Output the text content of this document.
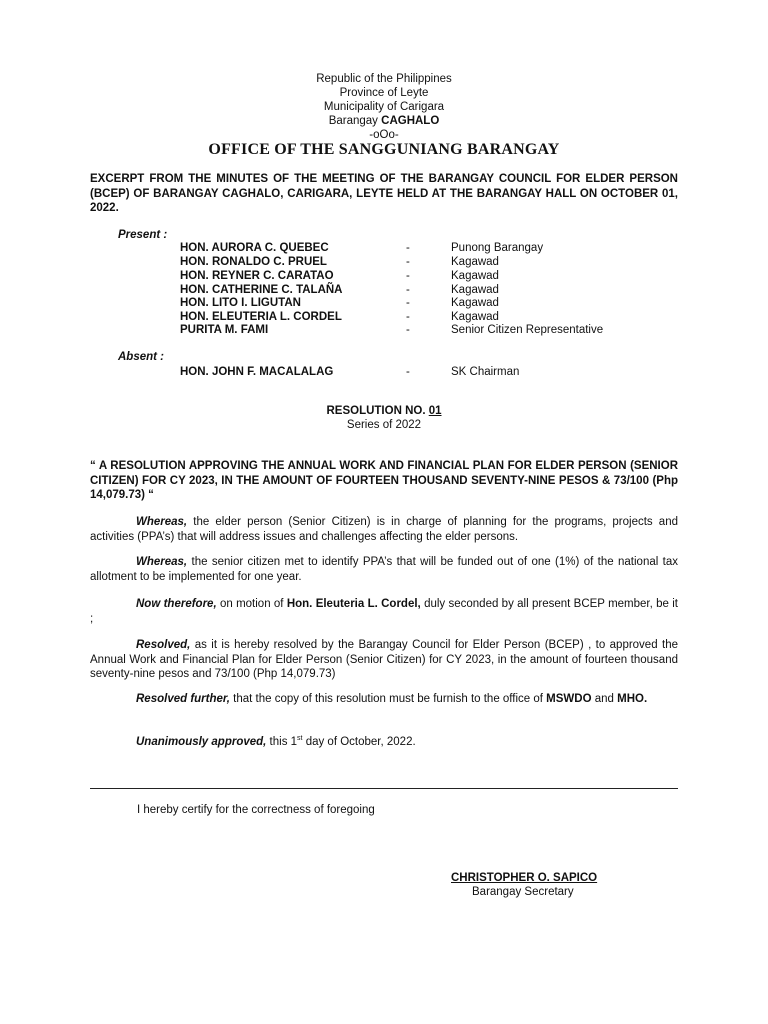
Republic of the Philippines
Province of Leyte
Municipality of Carigara
Barangay CAGHALO
-oOo-
OFFICE OF THE SANGGUNIANG BARANGAY
EXCERPT FROM THE MINUTES OF THE MEETING OF THE BARANGAY COUNCIL FOR ELDER PERSON (BCEP) OF BARANGAY CAGHALO, CARIGARA, LEYTE HELD AT THE BARANGAY HALL ON OCTOBER 01, 2022.
Present :
HON. AURORA C. QUEBEC	-	Punong Barangay
HON. RONALDO C. PRUEL	-	Kagawad
HON. REYNER C. CARATAO	-	Kagawad
HON. CATHERINE C. TALAÑA	-	Kagawad
HON. LITO I. LIGUTAN	-	Kagawad
HON. ELEUTERIA L. CORDEL	-	Kagawad
PURITA M. FAMI	-	Senior Citizen Representative
Absent :
HON. JOHN F. MACALALAG	-	SK Chairman
RESOLUTION NO. 01
Series of 2022
“ A RESOLUTION APPROVING THE ANNUAL WORK AND FINANCIAL PLAN FOR ELDER PERSON (SENIOR CITIZEN) FOR CY 2023, IN THE AMOUNT OF FOURTEEN THOUSAND SEVENTY-NINE PESOS & 73/100 (Php 14,079.73) “
Whereas, the elder person (Senior Citizen) is in charge of planning for the programs, projects and activities (PPA’s) that will address issues and challenges affecting the elder persons.
Whereas, the senior citizen met to identify PPA’s that will be funded out of one (1%) of the national tax allotment to be implemented for one year.
Now therefore, on motion of Hon. Eleuteria L. Cordel, duly seconded by all present BCEP member, be it ;
Resolved, as it is hereby resolved by the Barangay Council for Elder Person (BCEP) , to approved the Annual Work and Financial Plan for Elder Person (Senior Citizen) for CY 2023, in the amount of fourteen thousand seventy-nine pesos and 73/100 (Php 14,079.73)
Resolved further, that the copy of this resolution must be furnish to the office of MSWDO and MHO.
Unanimously approved, this 1st day of October, 2022.
I hereby certify for the correctness of foregoing
CHRISTOPHER O. SAPICO
Barangay Secretary
